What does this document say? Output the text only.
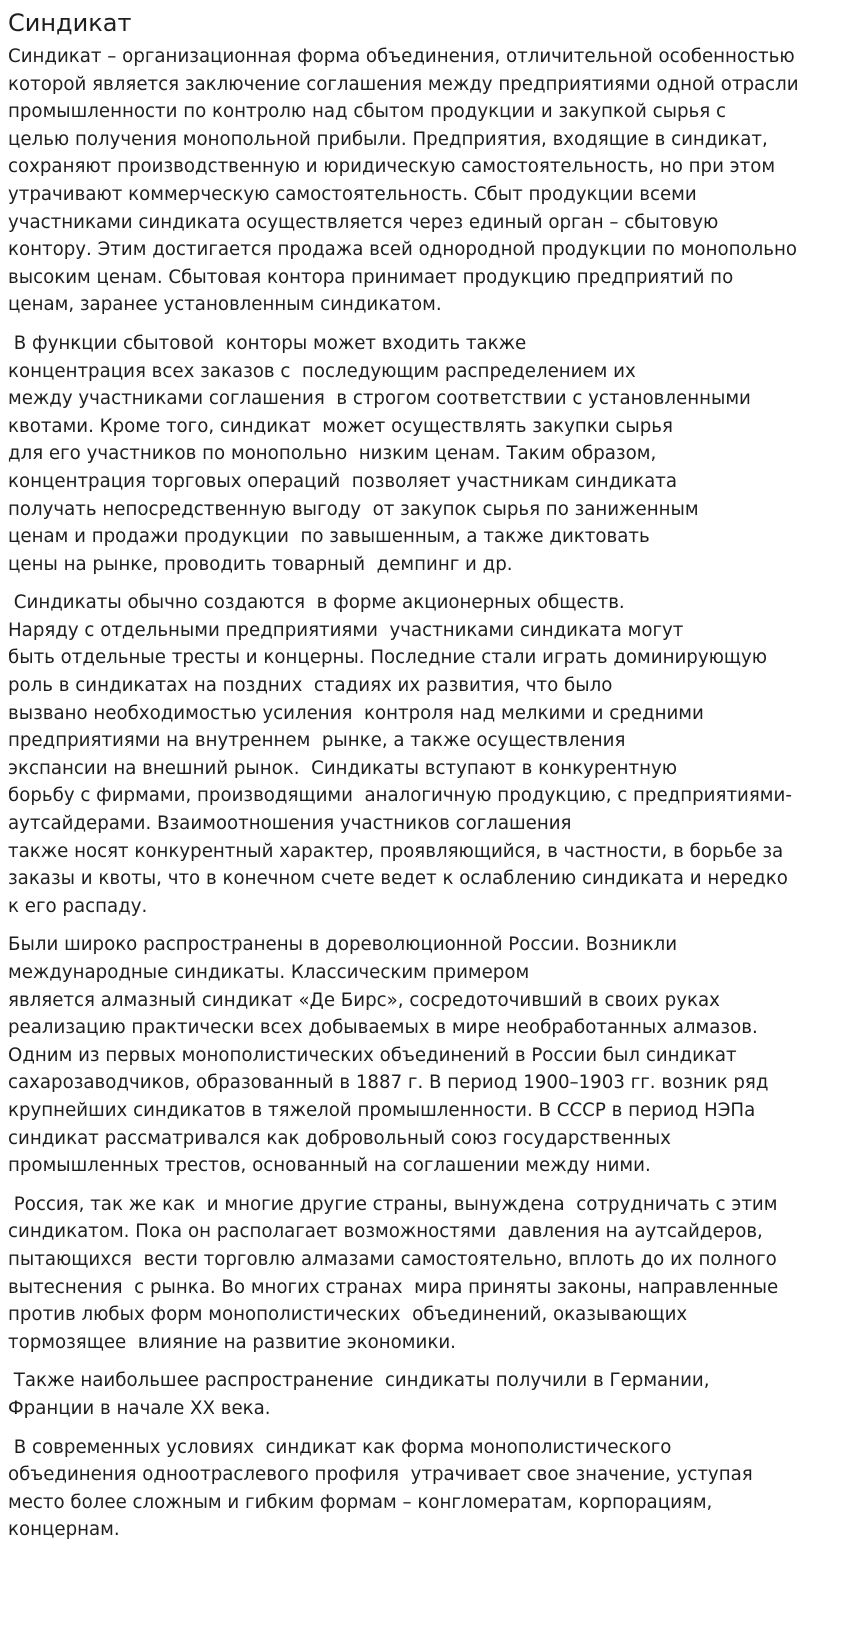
Синдикат

Синдикат – организационная форма объединения, отличительной особенностью
которой является заключение соглашения между предприятиями одной отрасли
промышленности по контролю над сбытом продукции и закупкой сырья с
целью получения монопольной прибыли. Предприятия, входящие в синдикат,
сохраняют производственную и юридическую самостоятельность, но при этом
утрачивают коммерческую самостоятельность. Сбыт продукции всеми
участниками синдиката осуществляется через единый орган – сбытовую
контору. Этим достигается продажа всей однородной продукции по монопольно
высоким ценам. Сбытовая контора принимает продукцию предприятий по
ценам, заранее установленным синдикатом.

В функции сбытовой  конторы может входить также
концентрация всех заказов с  последующим распределением их
между участниками соглашения  в строгом соответствии с установленными
квотами. Кроме того, синдикат  может осуществлять закупки сырья
для его участников по монопольно  низким ценам. Таким образом,
концентрация торговых операций  позволяет участникам синдиката
получать непосредственную выгоду  от закупок сырья по заниженным
ценам и продажи продукции  по завышенным, а также диктовать
цены на рынке, проводить товарный  демпинг и др.

Синдикаты обычно создаются  в форме акционерных обществ.
Наряду с отдельными предприятиями  участниками синдиката могут
быть отдельные тресты и концерны. Последние стали играть доминирующую
роль в синдикатах на поздних  стадиях их развития, что было
вызвано необходимостью усиления  контроля над мелкими и средними
предприятиями на внутреннем  рынке, а также осуществления
экспансии на внешний рынок.  Синдикаты вступают в конкурентную
борьбу с фирмами, производящими  аналогичную продукцию, с предприятиями-
аутсайдерами. Взаимоотношения участников соглашения
также носят конкурентный характер, проявляющийся, в частности, в борьбе за
заказы и квоты, что в конечном счете ведет к ослаблению синдиката и нередко
к его распаду.

Были широко распространены в дореволюционной России. Возникли
международные синдикаты. Классическим примером
является алмазный синдикат «Де Бирс», сосредоточивший в своих руках
реализацию практически всех добываемых в мире необработанных алмазов.
Одним из первых монополистических объединений в России был синдикат
сахарозаводчиков, образованный в 1887 г. В период 1900–1903 гг. возник ряд
крупнейших синдикатов в тяжелой промышленности. В СССР в период НЭПа
синдикат рассматривался как добровольный союз государственных
промышленных трестов, основанный на соглашении между ними.

Россия, так же как  и многие другие страны, вынуждена  сотрудничать с этим
синдикатом. Пока он располагает возможностями  давления на аутсайдеров,
пытающихся  вести торговлю алмазами самостоятельно, вплоть до их полного
вытеснения  с рынка. Во многих странах  мира приняты законы, направленные
против любых форм монополистических  объединений, оказывающих
тормозящее  влияние на развитие экономики.

Также наибольшее распространение  синдикаты получили в Германии,
Франции в начале XX века.

В современных условиях  синдикат как форма монополистического
объединения одноотраслевого профиля  утрачивает свое значение, уступая
место более сложным и гибким формам – конгломератам, корпорациям,
концернам.
